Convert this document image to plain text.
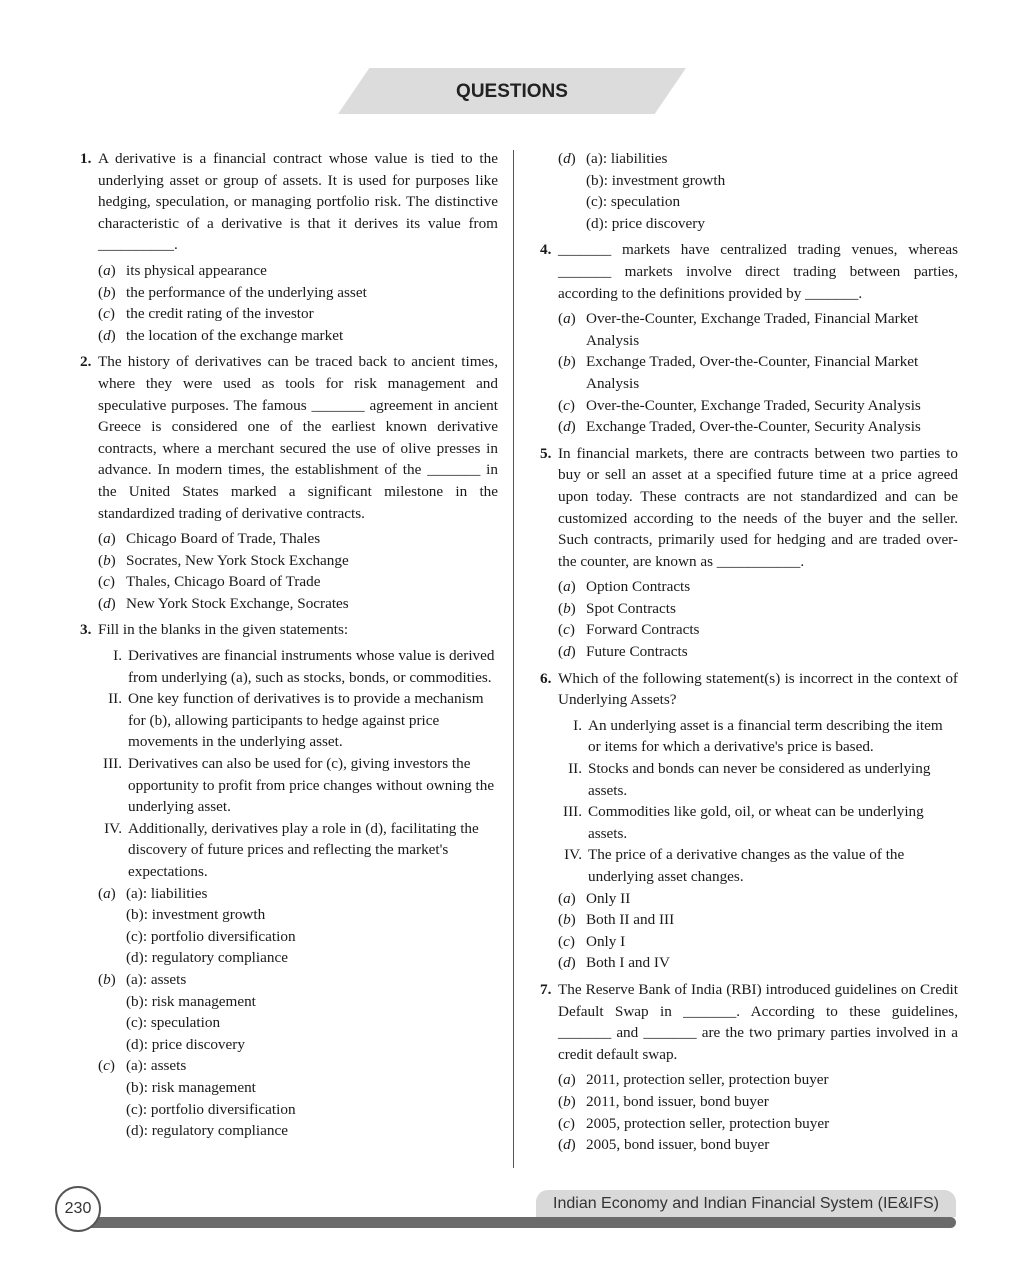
QUESTIONS
1. A derivative is a financial contract whose value is tied to the underlying asset or group of assets. It is used for purposes like hedging, speculation, or managing portfolio risk. The distinctive characteristic of a derivative is that it derives its value from __________.
( a )	its physical appearance
( b )	the performance of the underlying asset
( c )	the credit rating of the investor
( d )	the location of the exchange market
2. The history of derivatives can be traced back to ancient times, where they were used as tools for risk management and speculative purposes. The famous _______ agreement in ancient Greece is considered one of the earliest known derivative contracts, where a merchant secured the use of olive presses in advance. In modern times, the establishment of the _______ in the United States marked a significant milestone in the standardized trading of derivative contracts.
( a )	Chicago Board of Trade, Thales
( b )	Socrates, New York Stock Exchange
( c )	Thales, Chicago Board of Trade
( d )	New York Stock Exchange, Socrates
3. Fill in the blanks in the given statements:
I. Derivatives are financial instruments whose value is derived from underlying (a), such as stocks, bonds, or commodities.
II. One key function of derivatives is to provide a mechanism for (b), allowing participants to hedge against price movements in the underlying asset.
III. Derivatives can also be used for (c), giving investors the opportunity to profit from price changes without owning the underlying asset.
IV. Additionally, derivatives play a role in (d), facilitating the discovery of future prices and reflecting the market's expectations.
( a )	(a): liabilities
(b): investment growth
(c): portfolio diversification
(d): regulatory compliance
( b )	(a): assets
(b): risk management
(c): speculation
(d): price discovery
( c )	(a): assets
(b): risk management
(c): portfolio diversification
(d): regulatory compliance
( d )	(a): liabilities
(b): investment growth
(c): speculation
(d): price discovery
4. _______ markets have centralized trading venues, whereas _______ markets involve direct trading between parties, according to the definitions provided by _______.
( a )	Over-the-Counter, Exchange Traded, Financial Market Analysis
( b )	Exchange Traded, Over-the-Counter, Financial Market Analysis
( c )	Over-the-Counter, Exchange Traded, Security Analysis
( d )	Exchange Traded, Over-the-Counter, Security Analysis
5. In financial markets, there are contracts between two parties to buy or sell an asset at a specified future time at a price agreed upon today. These contracts are not standardized and can be customized according to the needs of the buyer and the seller. Such contracts, primarily used for hedging and are traded over-the counter, are known as ___________.
( a )	Option Contracts
( b )	Spot Contracts
( c )	Forward Contracts
( d )	Future Contracts
6. Which of the following statement(s) is incorrect in the context of Underlying Assets?
I. An underlying asset is a financial term describing the item or items for which a derivative's price is based.
II. Stocks and bonds can never be considered as underlying assets.
III. Commodities like gold, oil, or wheat can be underlying assets.
IV. The price of a derivative changes as the value of the underlying asset changes.
( a )	Only II
( b )	Both II and III
( c )	Only I
( d )	Both I and IV
7. The Reserve Bank of India (RBI) introduced guidelines on Credit Default Swap in _______. According to these guidelines, _______ and _______ are the two primary parties involved in a credit default swap.
( a )	2011, protection seller, protection buyer
( b )	2011, bond issuer, bond buyer
( c )	2005, protection seller, protection buyer
( d )	2005, bond issuer, bond buyer
Indian Economy and Indian Financial System (IE&IFS)
230
